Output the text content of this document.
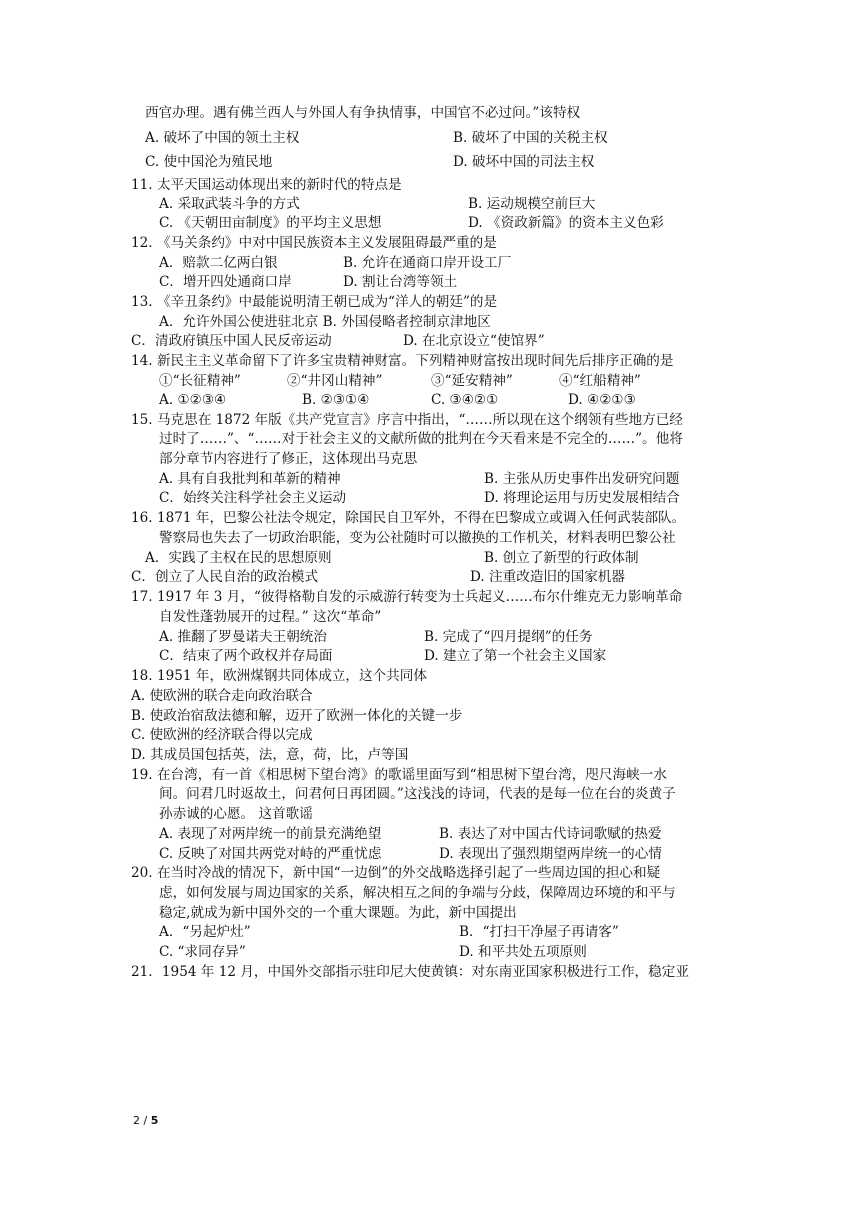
西官办理。遇有佛兰西人与外国人有争执情事，中国官不必过问。”该特权
A. 破坏了中国的领土主权	B. 破坏了中国的关税主权
C. 使中国沦为殖民地	D. 破坏中国的司法主权
11. 太平天国运动体现出来的新时代的特点是
A. 采取武装斗争的方式	B. 运动规模空前巨大
C. 《天朝田亩制度》的平均主义思想	D. 《资政新篇》的资本主义色彩
12. 《马关条约》中对中国民族资本主义发展阻碍最严重的是
A．赔款二亿两白银	B. 允许在通商口岸开设工厂
C．增开四处通商口岸	D. 割让台湾等领土
13. 《辛丑条约》中最能说明清王朝已成为“洋人的朝廷”的是
A．允许外国公使进驻北京 B. 外国侵略者控制京津地区
C．清政府镇压中国人民反帝运动	D. 在北京设立“使馆界”
14. 新民主主义革命留下了许多宝贵精神财富。下列精神财富按出现时间先后排序正确的是
①“长征精神”	②“井冈山精神”	③“延安精神”	④“红船精神”
A. ①②③④	B. ②③①④	C. ③④②①	D. ④②①③
15. 马克思在 1872 年版《共产党宣言》序言中指出，“……所以现在这个纲领有些地方已经
过时了……”、“……对于社会主义的文献所做的批判在今天看来是不完全的……”。他将
部分章节内容进行了修正，这体现出马克思
A. 具有自我批判和革新的精神	B. 主张从历史事件出发研究问题
C．始终关注科学社会主义运动	D. 将理论运用与历史发展相结合
16. 1871 年，巴黎公社法令规定，除国民自卫军外，不得在巴黎成立或调入任何武装部队。
警察局也失去了一切政治职能，变为公社随时可以撤换的工作机关，材料表明巴黎公社
A．实践了主权在民的思想原则	B. 创立了新型的行政体制
C．创立了人民自治的政治模式	D. 注重改造旧的国家机器
17. 1917 年 3 月，“彼得格勒自发的示威游行转变为士兵起义……布尔什维克无力影响革命
自发性蓬勃展开的过程。” 这次“革命”
A. 推翻了罗曼诺夫王朝统治	B. 完成了“四月提纲”的任务
C．结束了两个政权并存局面	D. 建立了第一个社会主义国家
18. 1951 年，欧洲煤钢共同体成立，这个共同体
A. 使欧洲的联合走向政治联合
B. 使政治宿敌法德和解，迈开了欧洲一体化的关键一步
C. 使欧洲的经济联合得以完成
D. 其成员国包括英，法，意，荷，比，卢等国
19. 在台湾，有一首《相思树下望台湾》的歌谣里面写到“相思树下望台湾，咫尺海峡一水
间。问君几时返故土，问君何日再团圆。”这浅浅的诗词，代表的是每一位在台的炎黄子
孙赤诚的心愿。 这首歌谣
A. 表现了对两岸统一的前景充满绝望	B. 表达了对中国古代诗词歌赋的热爱
C. 反映了对国共两党对峙的严重忧虑	D. 表现出了强烈期望两岸统一的心情
20. 在当时冷战的情况下，新中国“一边倒”的外交战略选择引起了一些周边国的担心和疑
虑，如何发展与周边国家的关系，解决相互之间的争端与分歧，保障周边环境的和平与
稳定,就成为新中国外交的一个重大课题。为此，新中国提出
A．“另起炉灶”	B．“打扫干净屋子再请客”
C. “求同存异”	D. 和平共处五项原则
21．1954 年 12 月，中国外交部指示驻印尼大使黄镇：对东南亚国家积极进行工作，稳定亚
2 / 5
